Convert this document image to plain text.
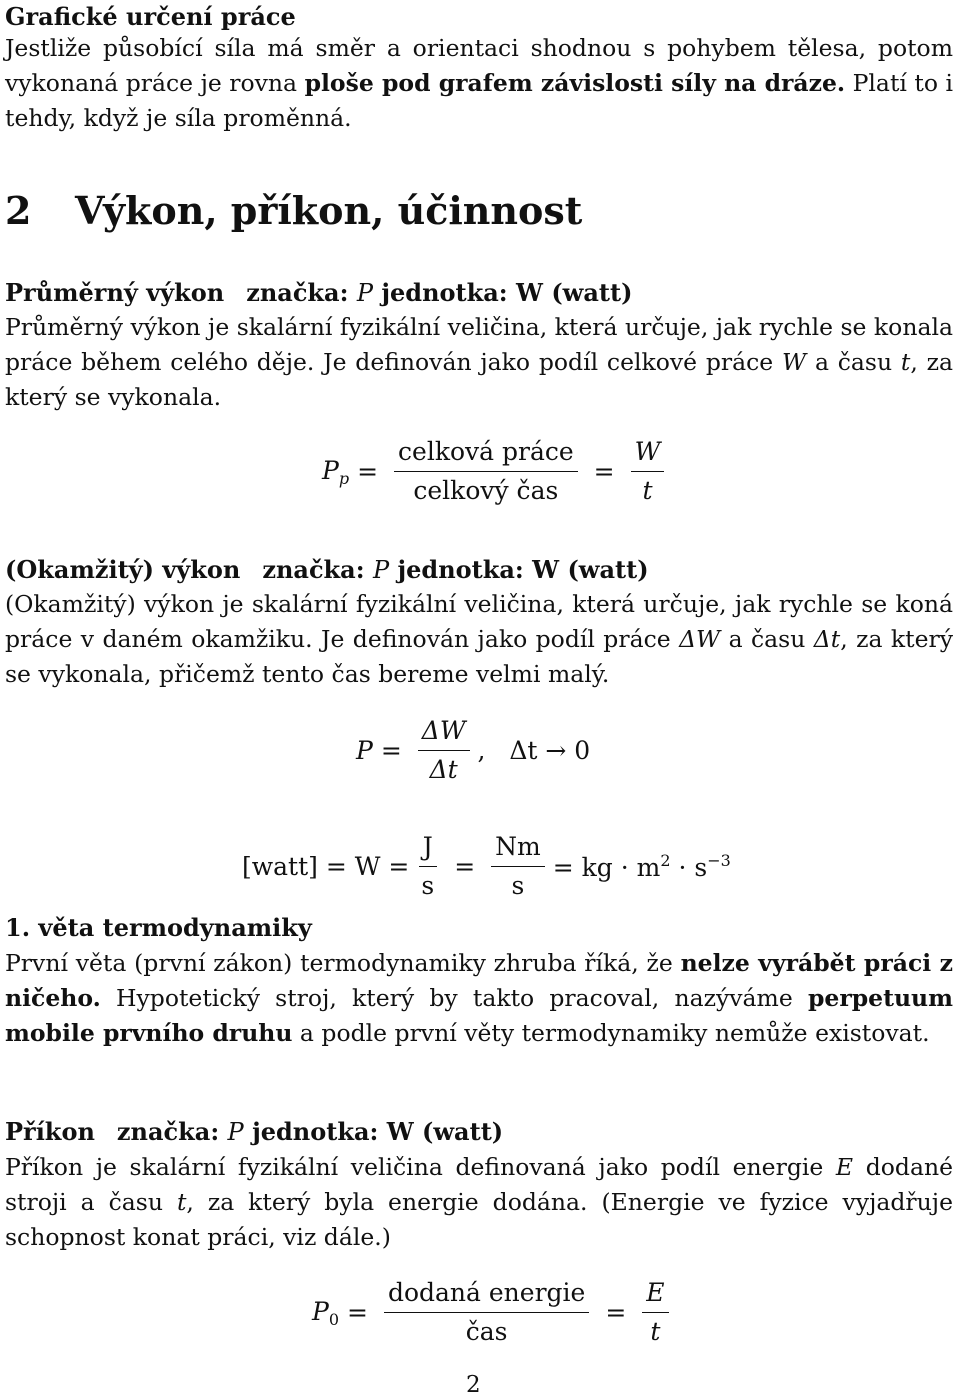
Grafické určení práce

Jestliže působící síla má směr a orientaci shodnou s pohybem tělesa, potom vykonaná práce je rovna ploše pod grafem závislosti síly na dráze. Platí to i tehdy, když je síla proměnná.

2 Výkon, příkon, účinnost
Průměrný výkon značka: P jednotka: W (watt)

Průměrný výkon je skalární fyzikální veličina, která určuje, jak rychle se konala práce během celého děje. Je definován jako podíl celkové práce W a času t, za který se vykonala.

$P_p = \frac{\text{celková práce}}{\text{celkový čas}} = \frac{W}{t}$
(Okamžitý) výkon značka: P jednotka: W (watt)

(Okamžitý) výkon je skalární fyzikální veličina, která určuje, jak rychle se koná práce v daném okamžiku. Je definován jako podíl práce ΔW a času Δt, za který se vykonala, přičemž tento čas bereme velmi malý.

$P = \frac{\Delta W}{\Delta t}$ ,   Δt → 0
[watt] = $W = \frac{J}{s} = \frac{Nm}{s}$ = kg · $m^2 \cdot s^{-3}$
1. věta termodynamiky

První věta (první zákon) termodynamiky zhruba říká, že nelze vyrábět práci z ničeho. Hypotetický stroj, který by takto pracoval, nazýváme perpetuum mobile prvního druhu a podle první věty termodynamiky nemůže existovat.

Příkon značka: P jednotka: W (watt)

Příkon je skalární fyzikální veličina definovaná jako podíl energie E dodané stroji a času t, za který byla energie dodána. (Energie ve fyzice vyjadřuje schopnost konat práci, viz dále.)

$P_0 = \frac{\text{dodaná energie}}{\text{čas}} = \frac{E}{t}$
2
